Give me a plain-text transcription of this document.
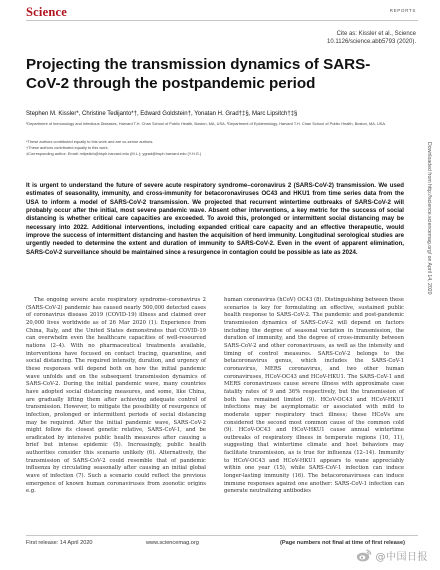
Science	REPORTS
Cite as: Kissler et al., Science
10.1126/science.abb5793 (2020).
Projecting the transmission dynamics of SARS-CoV-2 through the postpandemic period
Stephen M. Kissler*, Christine Tedijanto*†, Edward Goldstein†, Yonatan H. Grad†‡§, Marc Lipsitch†‡§
¹Department of Immunology and Infectious Diseases, Harvard T.H. Chan School of Public Health, Boston, MA, USA. ²Department of Epidemiology, Harvard T.H. Chan School of Public Health, Boston, MA, USA.
*These authors contributed equally to this work and are co-senior authors.
†These authors contributed equally to this work.
‡Corresponding author. Email: mlipsitch@hsph.harvard.edu (M.L.); ygrad@hsph.harvard.edu (Y.H.G.)

It is urgent to understand the future of severe acute respiratory syndrome–coronavirus 2 (SARS-CoV-2) transmission. We used estimates of seasonality, immunity, and cross-immunity for betacoronaviruses OC43 and HKU1 from time series data from the USA to inform a model of SARS-CoV-2 transmission. We projected that recurrent wintertime outbreaks of SARS-CoV-2 will probably occur after the initial, most severe pandemic wave. Absent other interventions, a key metric for the success of social distancing is whether critical care capacities are exceeded. To avoid this, prolonged or intermittent social distancing may be necessary into 2022. Additional interventions, including expanded critical care capacity and an effective therapeutic, would improve the success of intermittent distancing and hasten the acquisition of herd immunity. Longitudinal serological studies are urgently needed to determine the extent and duration of immunity to SARS-CoV-2. Even in the event of apparent elimination, SARS-CoV-2 surveillance should be maintained since a resurgence in contagion could be possible as late as 2024.

The ongoing severe acute respiratory syndrome–coronavirus 2 (SARS-CoV-2) pandemic has caused nearly 500,000 detected cases of coronavirus disease 2019 (COVID-19) illness and claimed over 20,000 lives worldwide as of 26 Mar 2020 (1). Experience from China, Italy, and the United States demonstrates that COVID-19 can overwhelm even the healthcare capacities of well-resourced nations (2–4). With no pharmaceutical treatments available, interventions have focused on contact tracing, quarantine, and social distancing. The required intensity, duration, and urgency of these responses will depend both on how the initial pandemic wave unfolds and on the subsequent transmission dynamics of SARS-CoV-2. During the initial pandemic wave, many countries have adopted social distancing measures, and some, like China, are gradually lifting them after achieving adequate control of transmission. However, to mitigate the possibility of resurgence of infection, prolonged or intermittent periods of social distancing may be required. After the initial pandemic wave, SARS-CoV-2 might follow its closest genetic relative, SARS-CoV-1, and be eradicated by intensive public health measures after causing a brief but intense epidemic (5). Increasingly, public health authorities consider this scenario unlikely (6). Alternatively, the transmission of SARS-CoV-2 could resemble that of pandemic influenza by circulating seasonally after causing an initial global wave of infection (7). Such a scenario could reflect the previous emergence of known human coronaviruses from zoonotic origins e.g.

human coronavirus (hCoV) OC43 (8). Distinguishing between these scenarios is key for formulating an effective, sustained public health response to SARS-CoV-2. The pandemic and post-pandemic transmission dynamics of SARS-CoV-2 will depend on factors including the degree of seasonal variation in transmission, the duration of immunity, and the degree of cross-immunity between SARS-CoV-2 and other coronaviruses, as well as the intensity and timing of control measures. SARS-CoV-2 belongs to the betacoronavirus genus, which includes the SARS-CoV-1 coronavirus, MERS coronavirus, and two other human coronaviruses, HCoV-OC43 and HCoV-HKU1. The SARS-CoV-1 and MERS coronaviruses cause severe illness with approximate case fatality rates of 9 and 36% respectively, but the transmission of both has remained limited (9). HCoV-OC43 and HCoV-HKU1 infections may be asymptomatic or associated with mild to moderate upper respiratory tract illness; these HCoVs are considered the second most common cause of the common cold (9). HCoV-OC43 and HCoV-HKU1 cause annual wintertime outbreaks of respiratory illness in temperate regions (10, 11), suggesting that wintertime climate and host behaviors may facilitate transmission, as is true for influenza (12–14). Immunity to HCoV-OC43 and HCoV-HKU1 appears to wane appreciably within one year (15), while SARS-CoV-1 infection can induce longer-lasting immunity (16). The betacoronaviruses can induce immune responses against one another: SARS-CoV-1 infection can generate neutralizing antibodies

Downloaded from http://science.sciencemag.org/ on April 14, 2020
First release: 14 April 2020	www.sciencemag.org	(Page numbers not final at time of first release)
@中国日报
